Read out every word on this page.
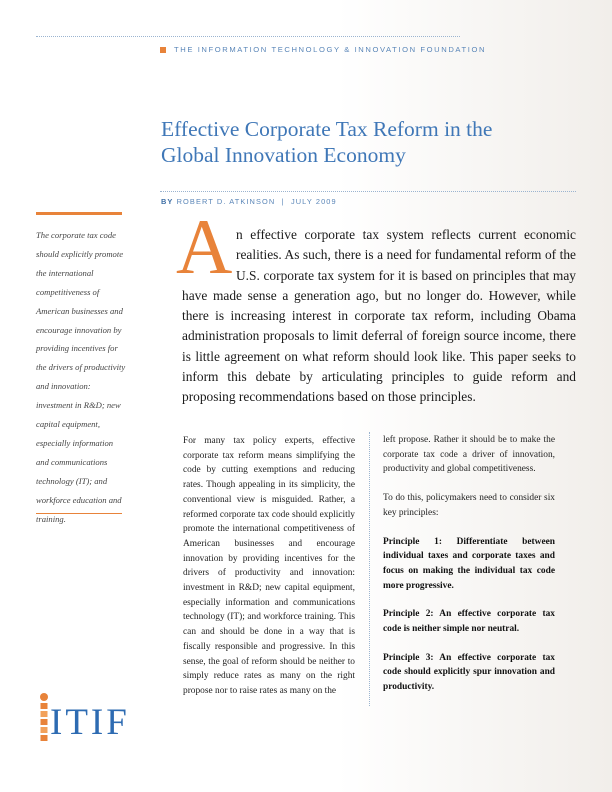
THE INFORMATION TECHNOLOGY & INNOVATION FOUNDATION
Effective Corporate Tax Reform in the
Global Innovation Economy
BY ROBERT D. ATKINSON | JULY 2009
The corporate tax code should explicitly promote the international competitiveness of American businesses and encourage innovation by providing incentives for the drivers of productivity and innovation: investment in R&D; new capital equipment, especially information and communications technology (IT); and workforce education and training.
A n effective corporate tax system reflects current economic realities. As such, there is a need for fundamental reform of the U.S. corporate tax system for it is based on principles that may have made sense a generation ago, but no longer do. However, while there is increasing interest in corporate tax reform, including Obama administration proposals to limit deferral of foreign source income, there is little agreement on what reform should look like. This paper seeks to inform this debate by articulating principles to guide reform and proposing recommendations based on those principles.

For many tax policy experts, effective corporate tax reform means simplifying the code by cutting exemptions and reducing rates. Though appealing in its simplicity, the conventional view is misguided. Rather, a reformed corporate tax code should explicitly promote the international competitiveness of American businesses and encourage innovation by providing incentives for the drivers of productivity and innovation: investment in R&D; new capital equipment, especially information and communications technology (IT); and workforce training. This can and should be done in a way that is fiscally responsible and progressive. In this sense, the goal of reform should be neither to simply reduce rates as many on the right propose nor to raise rates as many on the

left propose. Rather it should be to make the corporate tax code a driver of innovation, productivity and global competitiveness.

To do this, policymakers need to consider six key principles:

Principle 1: Differentiate between individual taxes and corporate taxes and focus on making the individual tax code more progressive.

Principle 2: An effective corporate tax code is neither simple nor neutral.

Principle 3: An effective corporate tax code should explicitly spur innovation and productivity.

ITIF
